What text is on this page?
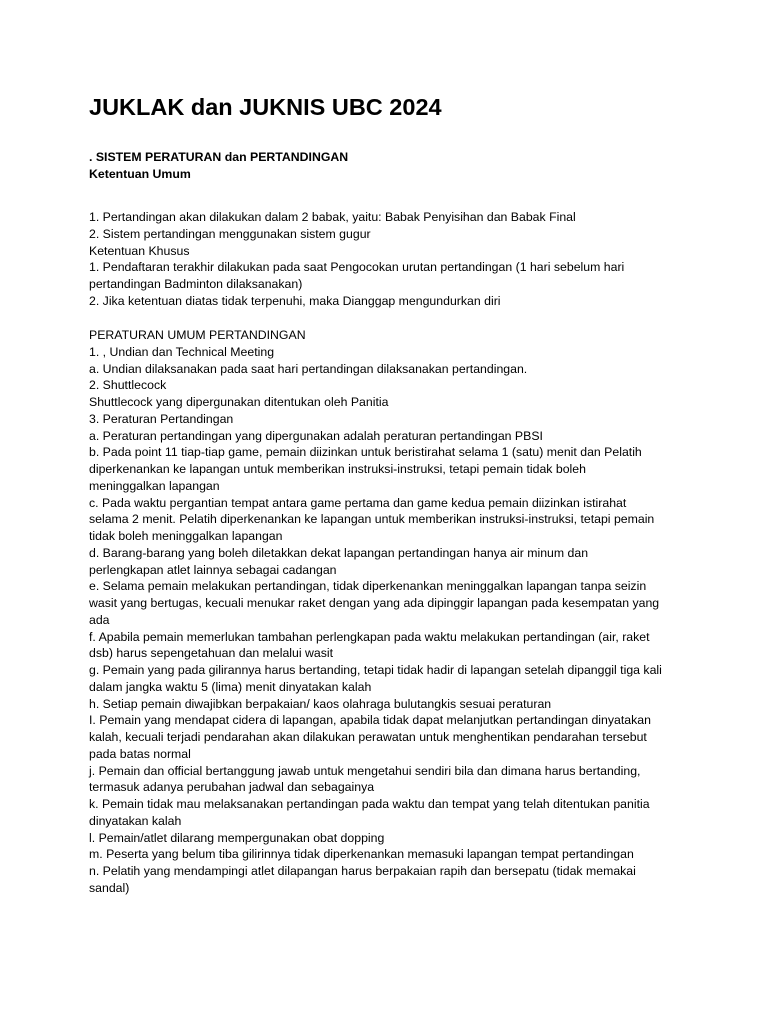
JUKLAK dan JUKNIS UBC 2024
. SISTEM PERATURAN dan PERTANDINGAN
Ketentuan Umum
1. Pertandingan akan dilakukan dalam 2 babak, yaitu: Babak Penyisihan dan Babak Final
2. Sistem pertandingan menggunakan sistem gugur
Ketentuan Khusus
1. Pendaftaran terakhir dilakukan pada saat Pengocokan urutan pertandingan (1 hari sebelum hari
pertandingan Badminton dilaksanakan)
2. Jika ketentuan diatas tidak terpenuhi, maka Dianggap mengundurkan diri
PERATURAN UMUM PERTANDINGAN
1. , Undian dan Technical Meeting
a. Undian dilaksanakan pada saat hari pertandingan dilaksanakan pertandingan.
2. Shuttlecock
Shuttlecock yang dipergunakan ditentukan oleh Panitia
3. Peraturan Pertandingan
a. Peraturan pertandingan yang dipergunakan adalah peraturan pertandingan PBSI
b. Pada point 11 tiap-tiap game, pemain diizinkan untuk beristirahat selama 1 (satu) menit dan Pelatih
diperkenankan ke lapangan untuk memberikan instruksi-instruksi, tetapi pemain tidak boleh
meninggalkan lapangan
c. Pada waktu pergantian tempat antara game pertama dan game kedua pemain diizinkan istirahat
selama 2 menit. Pelatih diperkenankan ke lapangan untuk memberikan instruksi-instruksi, tetapi pemain
tidak boleh meninggalkan lapangan
d. Barang-barang yang boleh diletakkan dekat lapangan pertandingan hanya air minum dan
perlengkapan atlet lainnya sebagai cadangan
e. Selama pemain melakukan pertandingan, tidak diperkenankan meninggalkan lapangan tanpa seizin
wasit yang bertugas, kecuali menukar raket dengan yang ada dipinggir lapangan pada kesempatan yang
ada
f. Apabila pemain memerlukan tambahan perlengkapan pada waktu melakukan pertandingan (air, raket
dsb) harus sepengetahuan dan melalui wasit
g. Pemain yang pada gilirannya harus bertanding, tetapi tidak hadir di lapangan setelah dipanggil tiga kali
dalam jangka waktu 5 (lima) menit dinyatakan kalah
h. Setiap pemain diwajibkan berpakaian/ kaos olahraga bulutangkis sesuai peraturan
I. Pemain yang mendapat cidera di lapangan, apabila tidak dapat melanjutkan pertandingan dinyatakan
kalah, kecuali terjadi pendarahan akan dilakukan perawatan untuk menghentikan pendarahan tersebut
pada batas normal
j. Pemain dan official bertanggung jawab untuk mengetahui sendiri bila dan dimana harus bertanding,
termasuk adanya perubahan jadwal dan sebagainya
k. Pemain tidak mau melaksanakan pertandingan pada waktu dan tempat yang telah ditentukan panitia
dinyatakan kalah
l. Pemain/atlet dilarang mempergunakan obat dopping
m. Peserta yang belum tiba gilirinnya tidak diperkenankan memasuki lapangan tempat pertandingan
n. Pelatih yang mendampingi atlet dilapangan harus berpakaian rapih dan bersepatu (tidak memakai
sandal)
